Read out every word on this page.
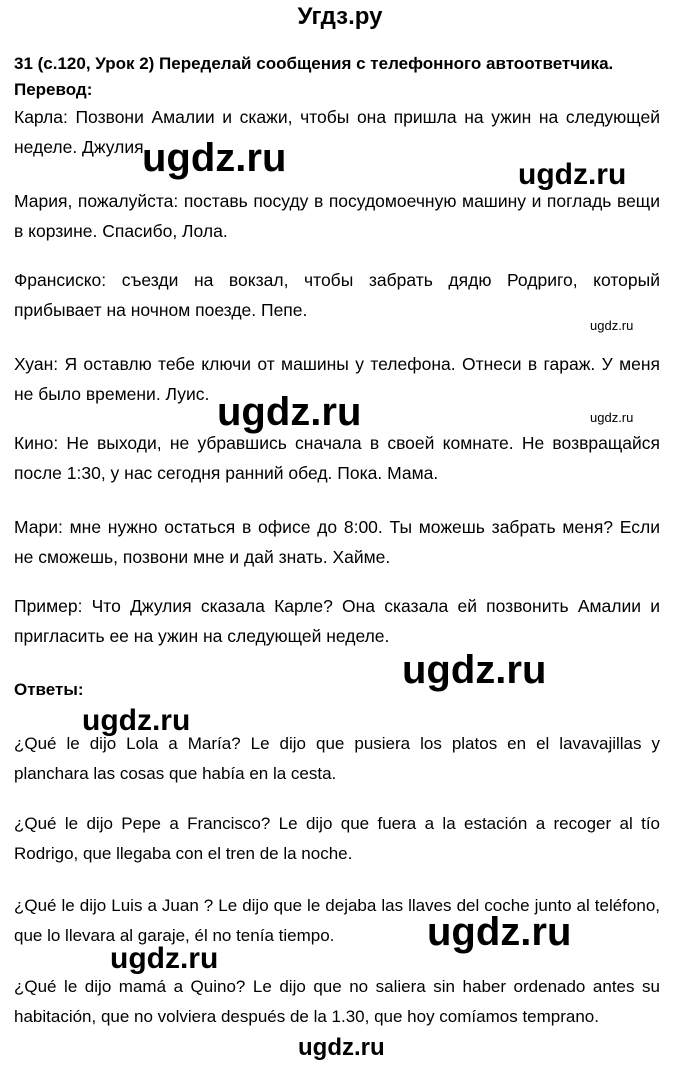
Угдз.ру
31 (с.120, Урок 2) Переделай сообщения с телефонного автоответчика.
Перевод:
Карла: Позвони Амалии и скажи, чтобы она пришла на ужин на следующей неделе. Джулия
Мария, пожалуйста: поставь посуду в посудомоечную машину и погладь вещи в корзине. Спасибо, Лола.
Франсиско: съезди на вокзал, чтобы забрать дядю Родриго, который прибывает на ночном поезде. Пепе.
Хуан: Я оставлю тебе ключи от машины у телефона. Отнеси в гараж. У меня не было времени. Луис.
Кино: Не выходи, не убравшись сначала в своей комнате. Не возвращайся после 1:30, у нас сегодня ранний обед. Пока. Мама.
Мари: мне нужно остаться в офисе до 8:00. Ты можешь забрать меня? Если не сможешь, позвони мне и дай знать. Хайме.
Пример: Что Джулия сказала Карле? Она сказала ей позвонить Амалии и пригласить ее на ужин на следующей неделе.
Ответы:
¿Qué le dijo Lola a María? Le dijo que pusiera los platos en el lavavajillas y planchara las cosas que había en la cesta.
¿Qué le dijo Pepe a Francisco? Le dijo que fuera a la estación a recoger al tío Rodrigo, que llegaba con el tren de la noche.
¿Qué le dijo Luis a Juan ? Le dijo que le dejaba las llaves del coche junto al teléfono, que lo llevara al garaje, él no tenía tiempo.
¿Qué le dijo mamá a Quino? Le dijo que no saliera sin haber ordenado antes su habitación, que no volviera después de la 1.30, que hoy comíamos temprano.
ugdz.ru	ugdz.ru
ugdz.ru
ugdz.ru	ugdz.ru
ugdz.ru
ugdz.ru
ugdz.ru
ugdz.ru
ugdz.ru
